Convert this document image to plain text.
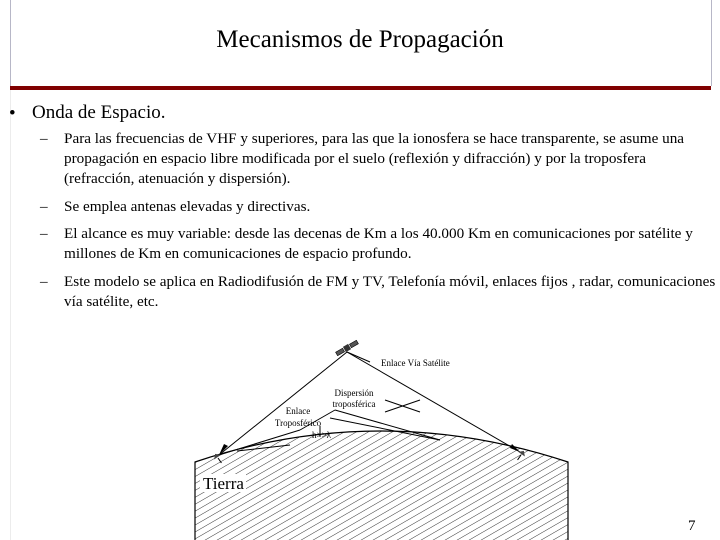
Mecanismos de Propagación
• Onda de Espacio.
– Para las frecuencias de VHF y superiores, para las que la ionosfera se hace transparente, se asume una propagación en espacio libre modificada por el suelo (reflexión y difracción) y por la troposfera (refracción, atenuación y dispersión).
– Se emplea antenas elevadas y directivas.
– El alcance es muy variable: desde las decenas de Km a los 40.000 Km en comunicaciones por satélite y millones de Km en comunicaciones de espacio profundo.
– Este modelo se aplica en Radiodifusión de FM y TV, Telefonía móvil, enlaces fijos , radar, comunicaciones vía satélite, etc.
Tierra
Enlace Vía Satélite
Dispersión
troposférica
Enlace
Troposférico
h>>λ
7
